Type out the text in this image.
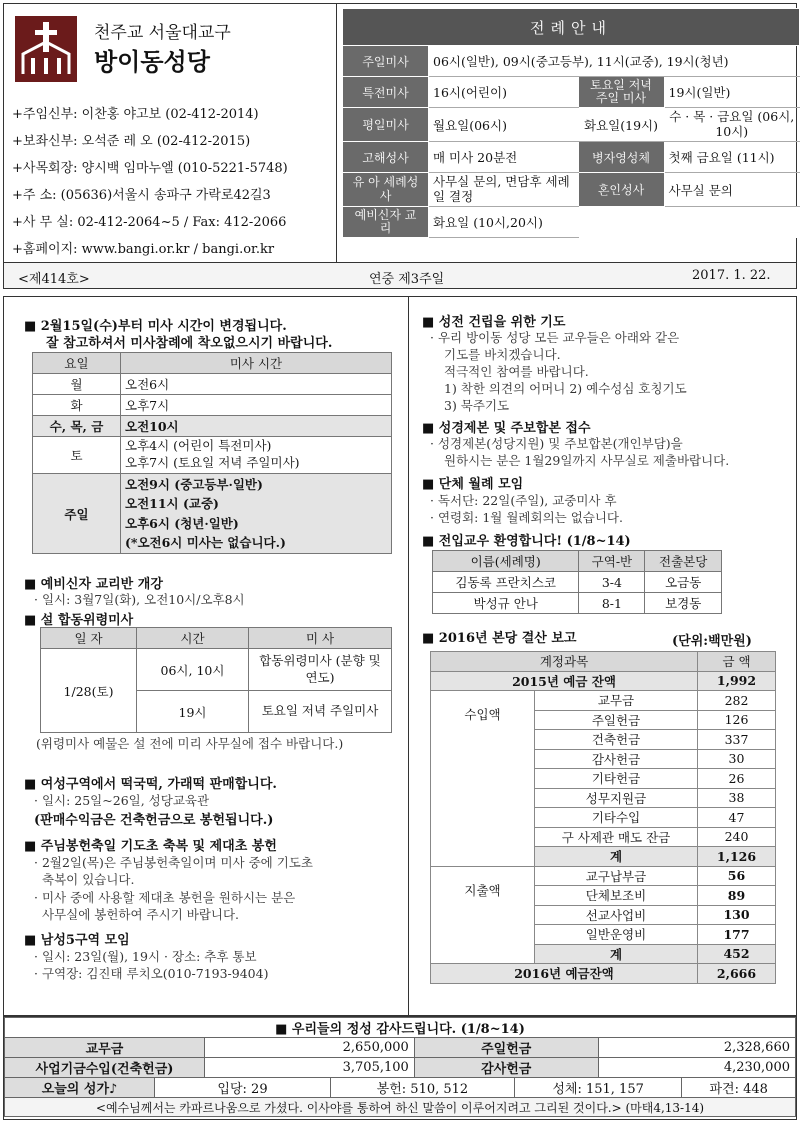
천주교 서울대교구
방이동성당
+주임신부: 이찬홍 야고보 (02-412-2014)
+보좌신부: 오석준 레 오 (02-412-2015)
+사목회장: 양시백 임마누엘 (010-5221-5748)
+주 소: (05636)서울시 송파구 가락로42길3
+사 무 실: 02-412-2064~5 / Fax: 412-2066
+홈페이지: www.bangi.or.kr / bangi.or.kr
전례안내			
주일미사	06시(일반), 09시(중고등부), 11시(교중), 19시(청년)		
특전미사	16시(어린이)	토요일 저녁 주일 미사	19시(일반)
평일미사	월요일(06시)	화요일(19시)	수 · 목 · 금요일 (06시, 10시)
고해성사	매 미사 20분전	병자영성체	첫째 금요일 (11시)
유 아 세례성사	사무실 문의, 면담후 세례일 결정	혼인성사	사무실 문의
예비신자 교 리	화요일 (10시,20시)		
<제414호>	연중 제3주일	2017. 1. 22.
■ 2월15일(수)부터 미사 시간이 변경됩니다.
잘 참고하셔서 미사참례에 착오없으시기 바랍니다.
요일	미사 시간
월	오전6시
화	오후7시
수, 목, 금	오전10시
토	오후4시 (어린이 특전미사)
오후7시 (토요일 저녁 주일미사)

주일	오전9시 (중고등부·일반)
오전11시 (교중)
오후6시 (청년·일반)
(*오전6시 미사는 없습니다.)
■ 예비신자 교리반 개강
· 일시: 3월7일(화), 오전10시/오후8시
■ 설 합동위령미사
일 자	시간	미 사
1/28(토)	06시, 10시	합동위령미사 (분향 및 연도)
	19시	토요일 저녁 주일미사
(위령미사 예물은 설 전에 미리 사무실에 접수 바랍니다.)
■ 여성구역에서 떡국떡, 가래떡 판매합니다.
· 일시: 25일~26일, 성당교육관
(판매수익금은 건축헌금으로 봉헌됩니다.)
■ 주님봉헌축일 기도초 축복 및 제대초 봉헌
· 2월2일(목)은 주님봉헌축일이며 미사 중에 기도초
축복이 있습니다.
· 미사 중에 사용할 제대초 봉헌을 원하시는 분은
사무실에 봉헌하여 주시기 바랍니다.
■ 남성5구역 모임
· 일시: 23일(월), 19시 · 장소: 추후 통보
· 구역장: 김진태 루치오(010-7193-9404)
■ 성전 건립을 위한 기도
· 우리 방이동 성당 모든 교우들은 아래와 같은
기도를 바치겠습니다.
적극적인 참여를 바랍니다.
1) 착한 의견의 어머니 2) 예수성심 호칭기도
3) 묵주기도
■ 성경제본 및 주보합본 접수
· 성경제본(성당지원) 및 주보합본(개인부담)을
원하시는 분은 1월29일까지 사무실로 제출바랍니다.
■ 단체 월례 모임
· 독서단: 22일(주일), 교중미사 후
· 연령회: 1월 월례회의는 없습니다.
■ 전입교우 환영합니다! (1/8~14)
이름(세례명)	구역-반	전출본당
김동록 프란치스코	3-4	오금동
박성규 안나	8-1	보경동
■ 2016년 본당 결산 보고	(단위:백만원)
계정과목		금 액
2015년 예금 잔액		1,992
수입액	교무금	282
	주일헌금	126
	건축헌금	337
	감사헌금	30
	기타헌금	26
	성무지원금	38
	기타수입	47
	구 사제관 매도 잔금	240
	계	1,126
지출액	교구납부금	56
	단체보조비	89
	선교사업비	130
	일반운영비	177
	계	452
2016년 예금잔액		2,666
■ 우리들의 정성 감사드립니다. (1/8~14)							
교무금		2,650,000		주일헌금		2,328,660	
사업기금수입(건축헌금)		3,705,100		감사헌금		4,230,000	
오늘의 성가♪	입당: 29		봉헌: 510, 512		성체: 151, 157		파견: 448
<예수님께서는 카파르나움으로 가셨다. 이사야를 통하여 하신 말씀이 이루어지려고 그리된 것이다.> (마태4,13-14)							
